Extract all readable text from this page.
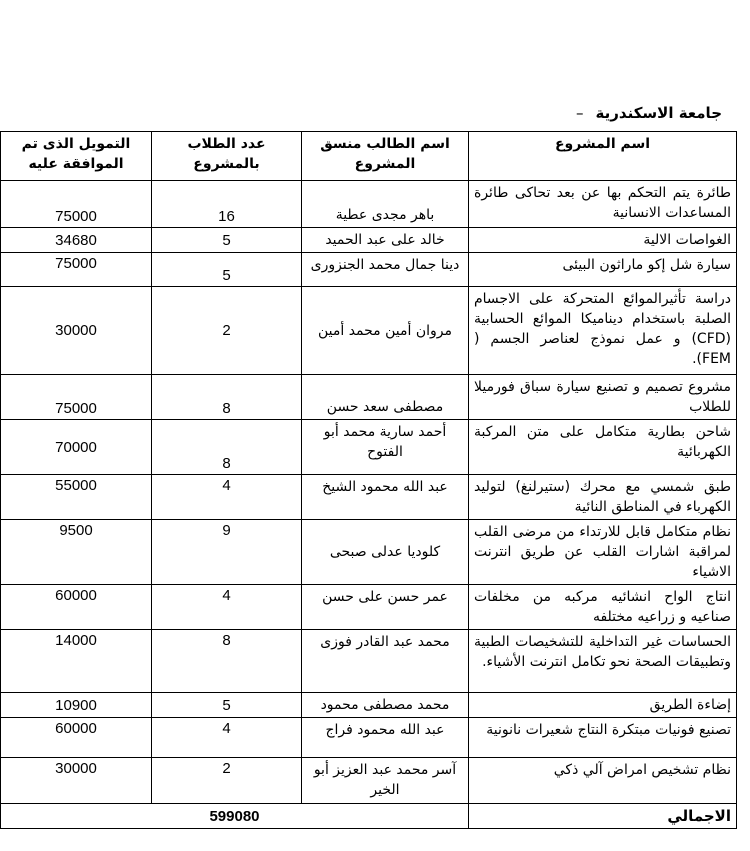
جامعة الاسكندرية
–
اسم المشروع	اسم الطالب منسق المشروع	عدد الطلاب بالمشروع	التمويل الذى تم الموافقة عليه
طائرة يتم التحكم بها عن بعد تحاكى طائرة المساعدات الانسانية	باهر مجدى عطية	16	75000
الغواصات الالية	خالد على عبد الحميد	5	34680
سيارة شل إكو ماراثون البيئى	دينا جمال محمد الجنزورى	5	75000
دراسة تأثيرالموائع المتحركة على الاجسام الصلبة باستخدام ديناميكا الموائع الحسابية (CFD) و عمل نموذج لعناصر الجسم ( FEM).	مروان أمين محمد أمين	2	30000
مشروع تصميم و تصنيع سيارة سباق فورميلا للطلاب	مصطفى سعد حسن	8	75000
شاحن بطارية متكامل على متن المركبة الكهربائية	أحمد سارية محمد أبو الفتوح	8	70000
طبق شمسي مع محرك (ستيرلنغ) لتوليد الكهرباء في المناطق النائية	عبد الله محمود الشيخ	4	55000
نظام متكامل قابل للارتداء من مرضى القلب لمراقبة اشارات القلب عن طريق انترنت الاشياء	كلوديا عدلى صبحى	9	9500
انتاج الواح انشائيه مركبه من مخلفات صناعيه و زراعيه مختلفه	عمر حسن على حسن	4	60000
الحساسات غير التداخلية للتشخيصات الطبية وتطبيقات الصحة نحو تكامل انترنت الأشياء.	محمد عبد القادر فوزى	8	14000
إضاءة الطريق	محمد مصطفى محمود	5	10900
تصنيع فونيات مبتكرة النتاج شعيرات نانونية	عبد الله محمود فراج	4	60000
نظام تشخيص امراض آلي ذكي	آسر محمد عبد العزيز أبو الخير	2	30000
الاجمالي	599080		
